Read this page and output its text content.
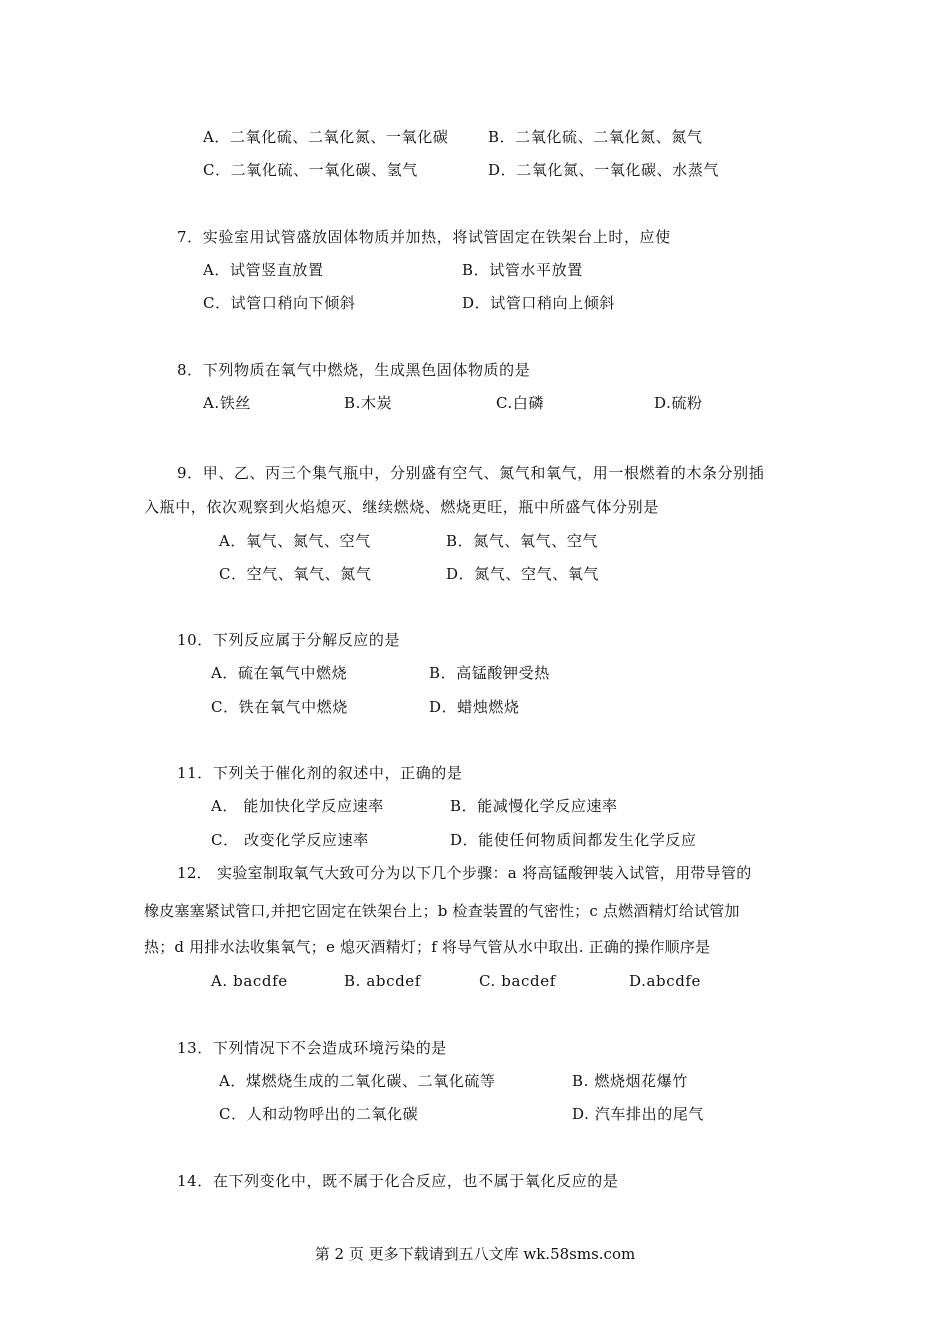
A．二氧化硫、二氧化氮、一氧化碳	B．二氧化硫、二氧化氮、氮气
C．二氧化硫、一氧化碳、氢气	D．二氧化氮、一氧化碳、水蒸气
7．实验室用试管盛放固体物质并加热，将试管固定在铁架台上时，应使
A．试管竖直放置	B．试管水平放置
C．试管口稍向下倾斜	D．试管口稍向上倾斜
8．下列物质在氧气中燃烧，生成黑色固体物质的是
A.铁丝	B.木炭	C.白磷	D.硫粉
9．甲、乙、丙三个集气瓶中，分别盛有空气、氮气和氧气，用一根燃着的木条分别插
入瓶中，依次观察到火焰熄灭、继续燃烧、燃烧更旺，瓶中所盛气体分别是
A．氧气、氮气、空气	B．氮气、氧气、空气
C．空气、氧气、氮气	D．氮气、空气、氧气
10．下列反应属于分解反应的是
A．硫在氧气中燃烧	B．高锰酸钾受热
C．铁在氧气中燃烧	D．蜡烛燃烧
11．下列关于催化剂的叙述中，正确的是
A． 能加快化学反应速率	B．能减慢化学反应速率
C． 改变化学反应速率	D．能使任何物质间都发生化学反应
12． 实验室制取氧气大致可分为以下几个步骤：a 将高锰酸钾装入试管，用带导管的
橡皮塞塞紧试管口,并把它固定在铁架台上；b 检查装置的气密性；c 点燃酒精灯给试管加
热；d 用排水法收集氧气；e 熄灭酒精灯；f 将导气管从水中取出. 正确的操作顺序是
A. bacdfe	B. abcdef	C. bacdef	D.abcdfe
13．下列情况下不会造成环境污染的是
A．煤燃烧生成的二氧化碳、二氧化硫等	B. 燃烧烟花爆竹
C．人和动物呼出的二氧化碳	D. 汽车排出的尾气
14．在下列变化中，既不属于化合反应，也不属于氧化反应的是
第 2 页 更多下载请到五八文库 wk.58sms.com
